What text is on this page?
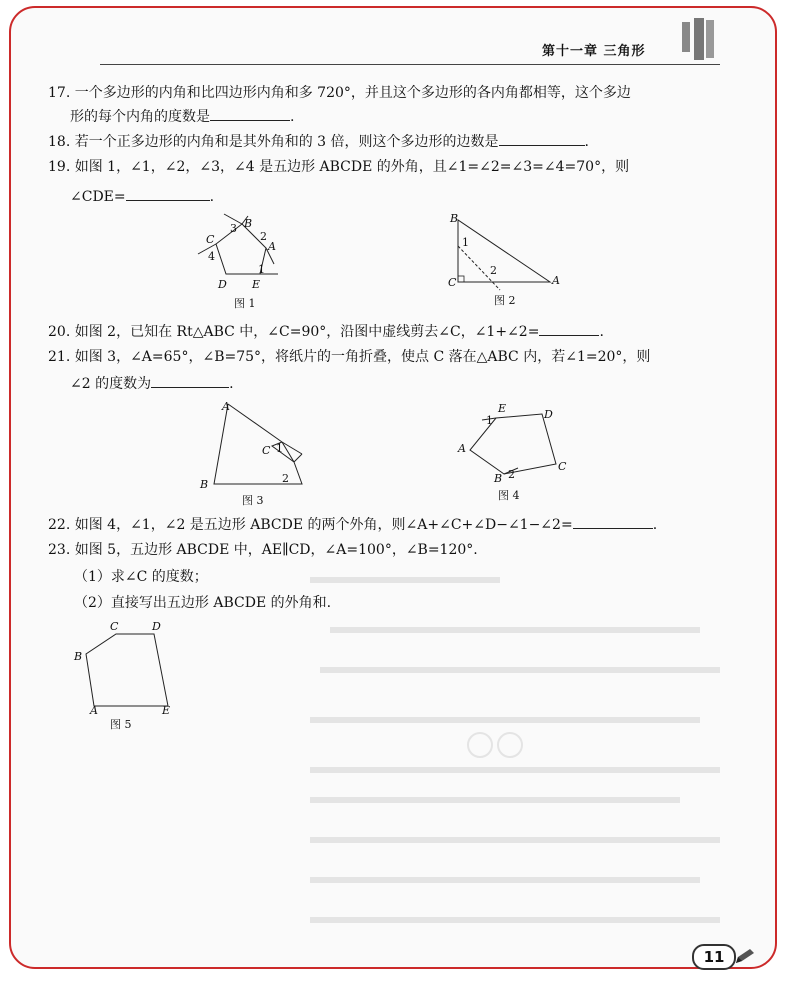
第十一章 三角形
17. 一个多边形的内角和比四边形内角和多 720°，并且这个多边形的各内角都相等，这个多边
形的每个内角的度数是	.
18. 若一个正多边形的内角和是其外角和的 3 倍，则这个多边形的边数是	.
19. 如图 1，∠1，∠2，∠3，∠4 是五边形 ABCDE 的外角，且∠1=∠2=∠3=∠4=70°，则
∠CDE=	.
B
C
D E
A
1
2
3
4
图 1
B
C	A
1
2
图 2
20. 如图 2，已知在 Rt△ABC 中，∠C=90°，沿图中虚线剪去∠C，∠1+∠2=	.
21. 如图 3，∠A=65°，∠B=75°，将纸片的一角折叠，使点 C 落在△ABC 内，若∠1=20°，则
∠2 的度数为	.
A
B
C 1
2
图 3
E	D
C
A
B
1
2
图 4
22. 如图 4，∠1，∠2 是五边形 ABCDE 的两个外角，则∠A+∠C+∠D−∠1−∠2=	.
23. 如图 5，五边形 ABCDE 中，AE∥CD，∠A=100°，∠B=120°.
（1）求∠C 的度数；
（2）直接写出五边形 ABCDE 的外角和.
C	D
B
A	E
图 5
11
